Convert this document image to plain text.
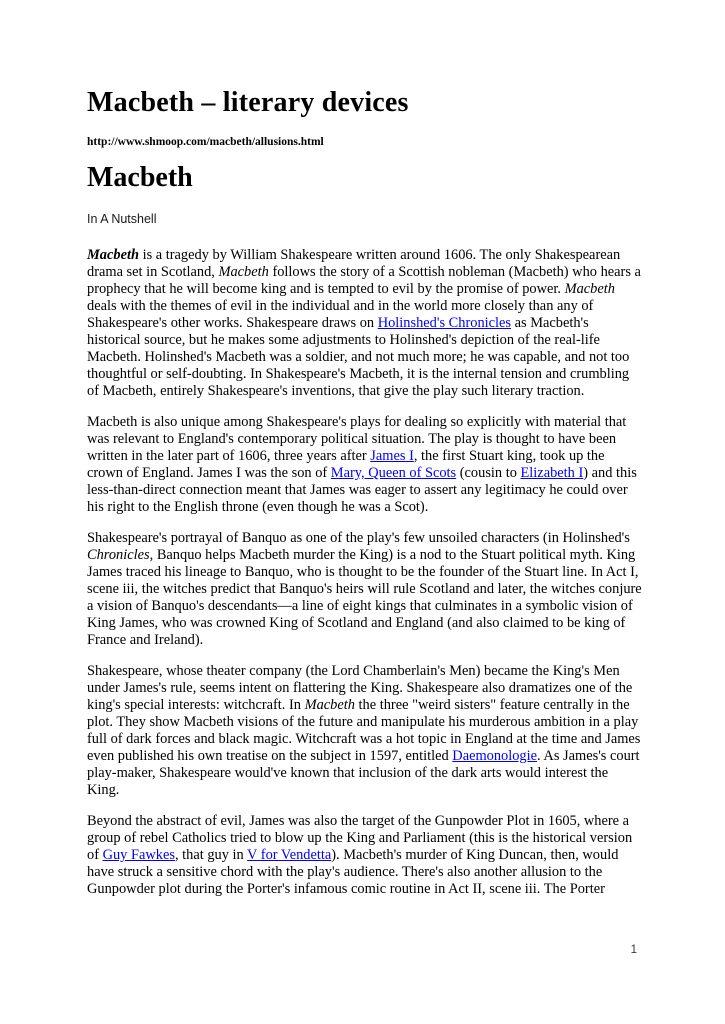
Macbeth – literary devices
http://www.shmoop.com/macbeth/allusions.html
Macbeth
In A Nutshell

Macbeth is a tragedy by William Shakespeare written around 1606. The only Shakespearean drama set in Scotland, Macbeth follows the story of a Scottish nobleman (Macbeth) who hears a prophecy that he will become king and is tempted to evil by the promise of power. Macbeth deals with the themes of evil in the individual and in the world more closely than any of Shakespeare's other works. Shakespeare draws on Holinshed's Chronicles as Macbeth's historical source, but he makes some adjustments to Holinshed's depiction of the real-life Macbeth. Holinshed's Macbeth was a soldier, and not much more; he was capable, and not too thoughtful or self-doubting. In Shakespeare's Macbeth, it is the internal tension and crumbling of Macbeth, entirely Shakespeare's inventions, that give the play such literary traction.

Macbeth is also unique among Shakespeare's plays for dealing so explicitly with material that was relevant to England's contemporary political situation. The play is thought to have been written in the later part of 1606, three years after James I, the first Stuart king, took up the crown of England. James I was the son of Mary, Queen of Scots (cousin to Elizabeth I) and this less-than-direct connection meant that James was eager to assert any legitimacy he could over his right to the English throne (even though he was a Scot).

Shakespeare's portrayal of Banquo as one of the play's few unsoiled characters (in Holinshed's Chronicles, Banquo helps Macbeth murder the King) is a nod to the Stuart political myth. King James traced his lineage to Banquo, who is thought to be the founder of the Stuart line. In Act I, scene iii, the witches predict that Banquo's heirs will rule Scotland and later, the witches conjure a vision of Banquo's descendants—a line of eight kings that culminates in a symbolic vision of King James, who was crowned King of Scotland and England (and also claimed to be king of France and Ireland).

Shakespeare, whose theater company (the Lord Chamberlain's Men) became the King's Men under James's rule, seems intent on flattering the King. Shakespeare also dramatizes one of the king's special interests: witchcraft. In Macbeth the three "weird sisters" feature centrally in the plot. They show Macbeth visions of the future and manipulate his murderous ambition in a play full of dark forces and black magic. Witchcraft was a hot topic in England at the time and James even published his own treatise on the subject in 1597, entitled Daemonologie. As James's court play-maker, Shakespeare would've known that inclusion of the dark arts would interest the King.

Beyond the abstract of evil, James was also the target of the Gunpowder Plot in 1605, where a group of rebel Catholics tried to blow up the King and Parliament (this is the historical version of Guy Fawkes, that guy in V for Vendetta). Macbeth's murder of King Duncan, then, would have struck a sensitive chord with the play's audience. There's also another allusion to the Gunpowder plot during the Porter's infamous comic routine in Act II, scene iii. The Porter

1
